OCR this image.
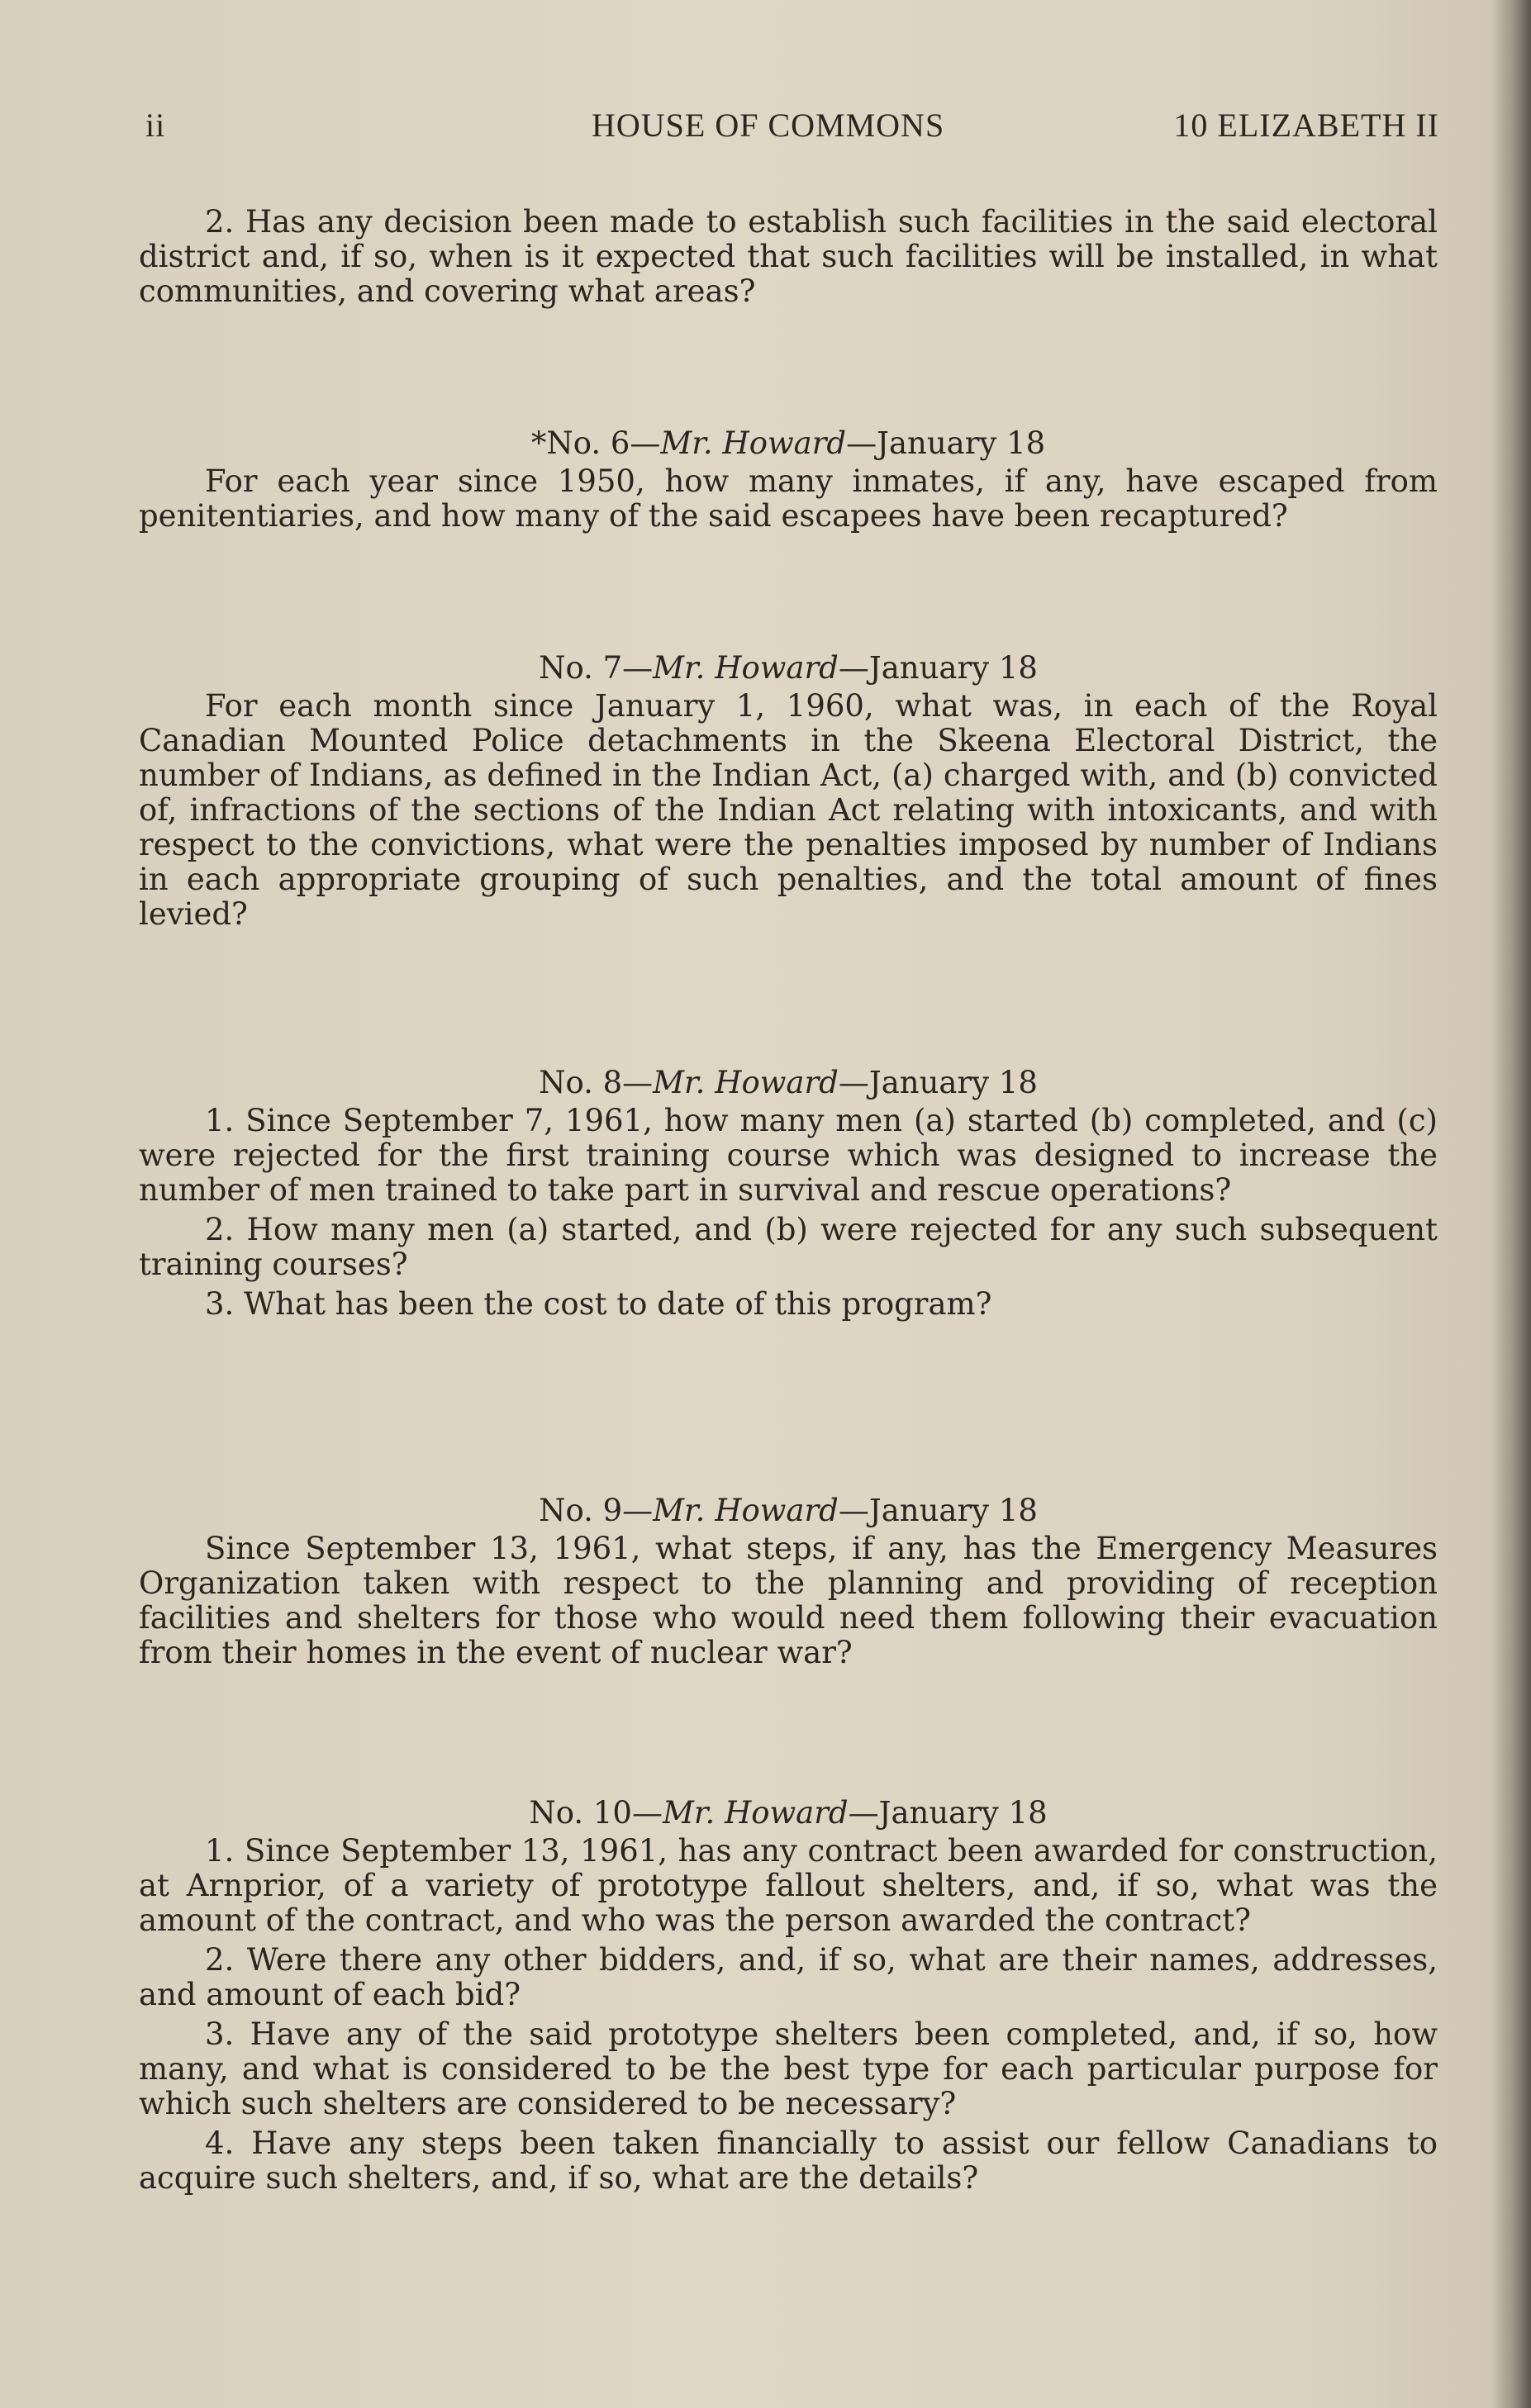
ii	HOUSE OF COMMONS	10 ELIZABETH II

2. Has any decision been made to establish such facilities in the said electoral district and, if so, when is it expected that such facilities will be installed, in what communities, and covering what areas?

*No. 6—Mr. Howard—January 18

For each year since 1950, how many inmates, if any, have escaped from penitentiaries, and how many of the said escapees have been recaptured?

No. 7—Mr. Howard—January 18

For each month since January 1, 1960, what was, in each of the Royal Canadian Mounted Police detachments in the Skeena Electoral District, the number of Indians, as defined in the Indian Act, (a) charged with, and (b) convicted of, infractions of the sections of the Indian Act relating with intoxicants, and with respect to the convictions, what were the penalties imposed by number of Indians in each appropriate grouping of such penalties, and the total amount of fines levied?

No. 8—Mr. Howard—January 18

1. Since September 7, 1961, how many men (a) started (b) completed, and (c) were rejected for the first training course which was designed to increase the number of men trained to take part in survival and rescue operations?

2. How many men (a) started, and (b) were rejected for any such subsequent training courses?

3. What has been the cost to date of this program?

No. 9—Mr. Howard—January 18

Since September 13, 1961, what steps, if any, has the Emergency Measures Organization taken with respect to the planning and providing of reception facilities and shelters for those who would need them following their evacuation from their homes in the event of nuclear war?

No. 10—Mr. Howard—January 18

1. Since September 13, 1961, has any contract been awarded for construction, at Arnprior, of a variety of prototype fallout shelters, and, if so, what was the amount of the contract, and who was the person awarded the contract?

2. Were there any other bidders, and, if so, what are their names, addresses, and amount of each bid?

3. Have any of the said prototype shelters been completed, and, if so, how many, and what is considered to be the best type for each particular purpose for which such shelters are considered to be necessary?

4. Have any steps been taken financially to assist our fellow Canadians to acquire such shelters, and, if so, what are the details?
